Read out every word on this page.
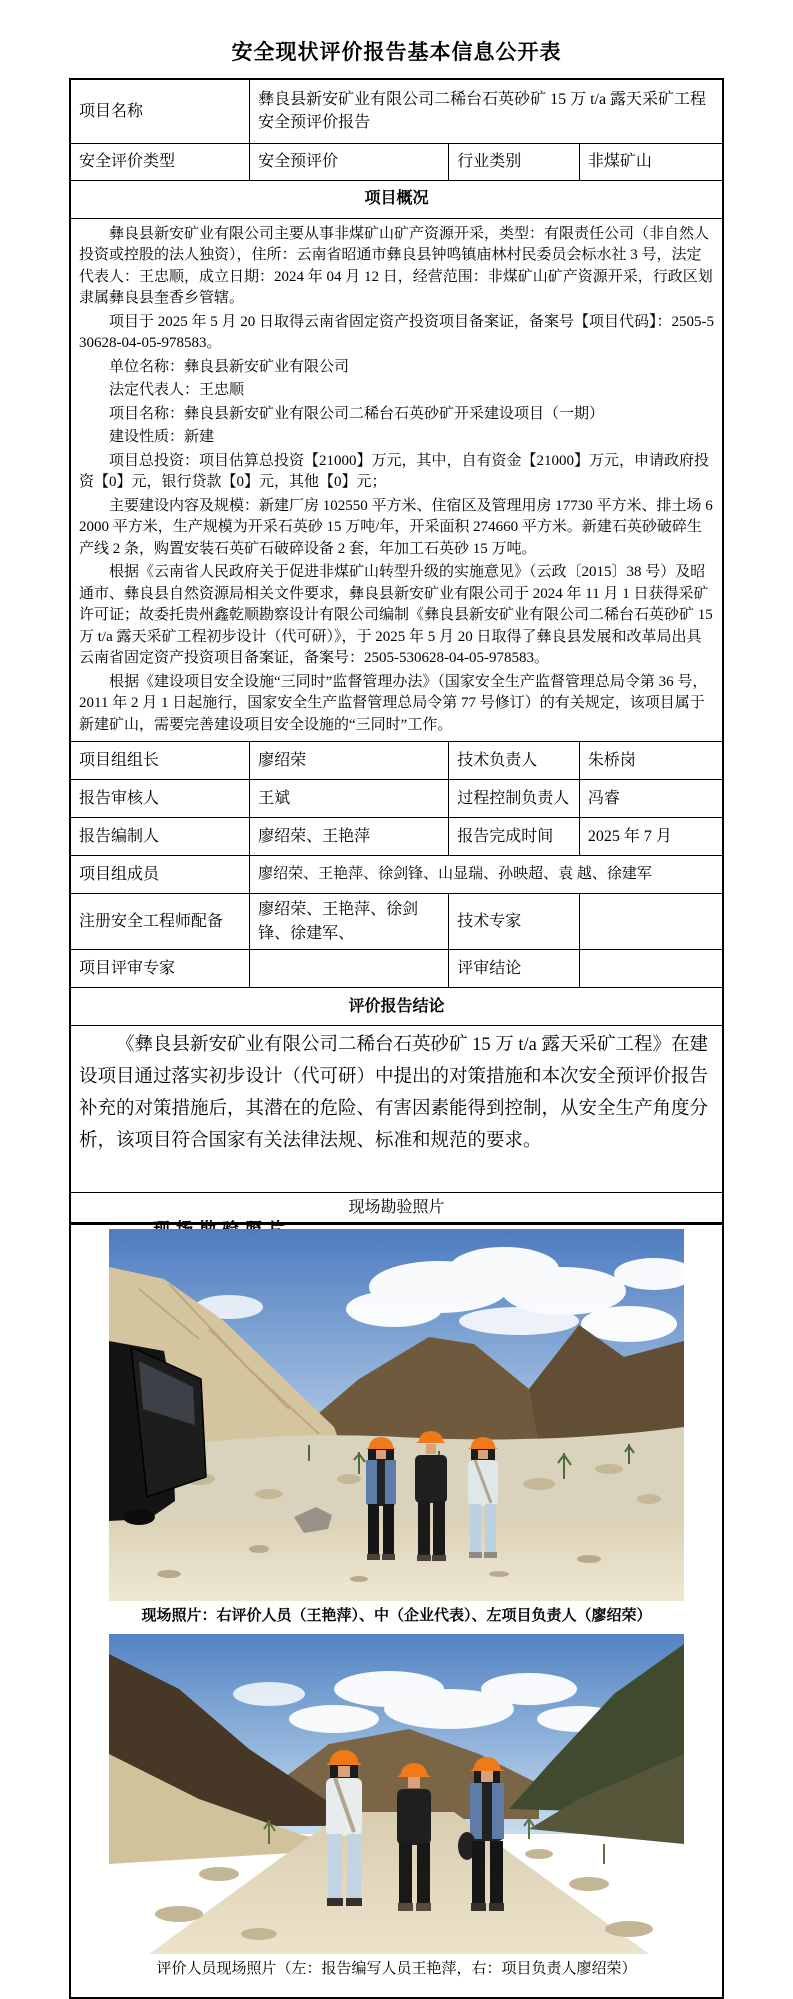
安全现状评价报告基本信息公开表
项目名称	彝良县新安矿业有限公司二稀台石英砂矿 15 万 t/a 露天采矿工程安全预评价报告		
安全评价类型	安全预评价	行业类别	非煤矿山
项目概况			

彝良县新安矿业有限公司主要从事非煤矿山矿产资源开采，类型：有限责任公司（非自然人投资或控股的法人独资），住所：云南省昭通市彝良县钟鸣镇庙林村民委员会标水社 3 号，法定代表人：王忠顺，成立日期：2024 年 04 月 12 日，经营范围：非煤矿山矿产资源开采，行政区划隶属彝良县奎香乡管辖。

项目于 2025 年 5 月 20 日取得云南省固定资产投资项目备案证，备案号【项目代码】：2505-530628-04-05-978583。

单位名称：彝良县新安矿业有限公司

法定代表人：王忠顺

项目名称：彝良县新安矿业有限公司二稀台石英砂矿开采建设项目（一期）

建设性质：新建

项目总投资：项目估算总投资【21000】万元，其中，自有资金【21000】万元，申请政府投资【0】元，银行贷款【0】元，其他【0】元；

主要建设内容及规模：新建厂房 102550 平方米、住宿区及管理用房 17730 平方米、排土场 62000 平方米，生产规模为开采石英砂 15 万吨/年，开采面积 274660 平方米。新建石英砂破碎生产线 2 条，购置安装石英矿石破碎设备 2 套，年加工石英砂 15 万吨。

根据《云南省人民政府关于促进非煤矿山转型升级的实施意见》（云政〔2015〕38 号）及昭通市、彝良县自然资源局相关文件要求，彝良县新安矿业有限公司于 2024 年 11 月 1 日获得采矿许可证；故委托贵州鑫乾顺勘察设计有限公司编制《彝良县新安矿业有限公司二稀台石英砂矿 15 万 t/a 露天采矿工程初步设计（代可研）》，于 2025 年 5 月 20 日取得了彝良县发展和改革局出具云南省固定资产投资项目备案证，备案号：2505-530628-04-05-978583。

根据《建设项目安全设施“三同时”监督管理办法》（国家安全生产监督管理总局令第 36 号，2011 年 2 月 1 日起施行，国家安全生产监督管理总局令第 77 号修订）的有关规定，该项目属于新建矿山，需要完善建设项目安全设施的“三同时”工作。

项目组组长	廖绍荣	技术负责人	朱桥岗
报告审核人	王斌	过程控制负责人	冯睿
报告编制人	廖绍荣、王艳萍	报告完成时间	2025 年 7 月
项目组成员	廖绍荣、王艳萍、徐剑锋、山显瑞、孙映超、袁 越、徐建军		
注册安全工程师配备	廖绍荣、王艳萍、徐剑锋、徐建军、	技术专家	
项目评审专家		评审结论	
评价报告结论			

《彝良县新安矿业有限公司二稀台石英砂矿 15 万 t/a 露天采矿工程》在建设项目通过落实初步设计（代可研）中提出的对策措施和本次安全预评价报告补充的对策措施后，其潜在的危险、有害因素能得到控制，从安全生产角度分析，该项目符合国家有关法律法规、标准和规范的要求。			

现场勘验照片			

现场照片：右评价人员（王艳萍）、中（企业代表）、左项目负责人（廖绍荣）
评价人员现场照片（左：报告编写人员王艳萍，右：项目负责人廖绍荣）			
